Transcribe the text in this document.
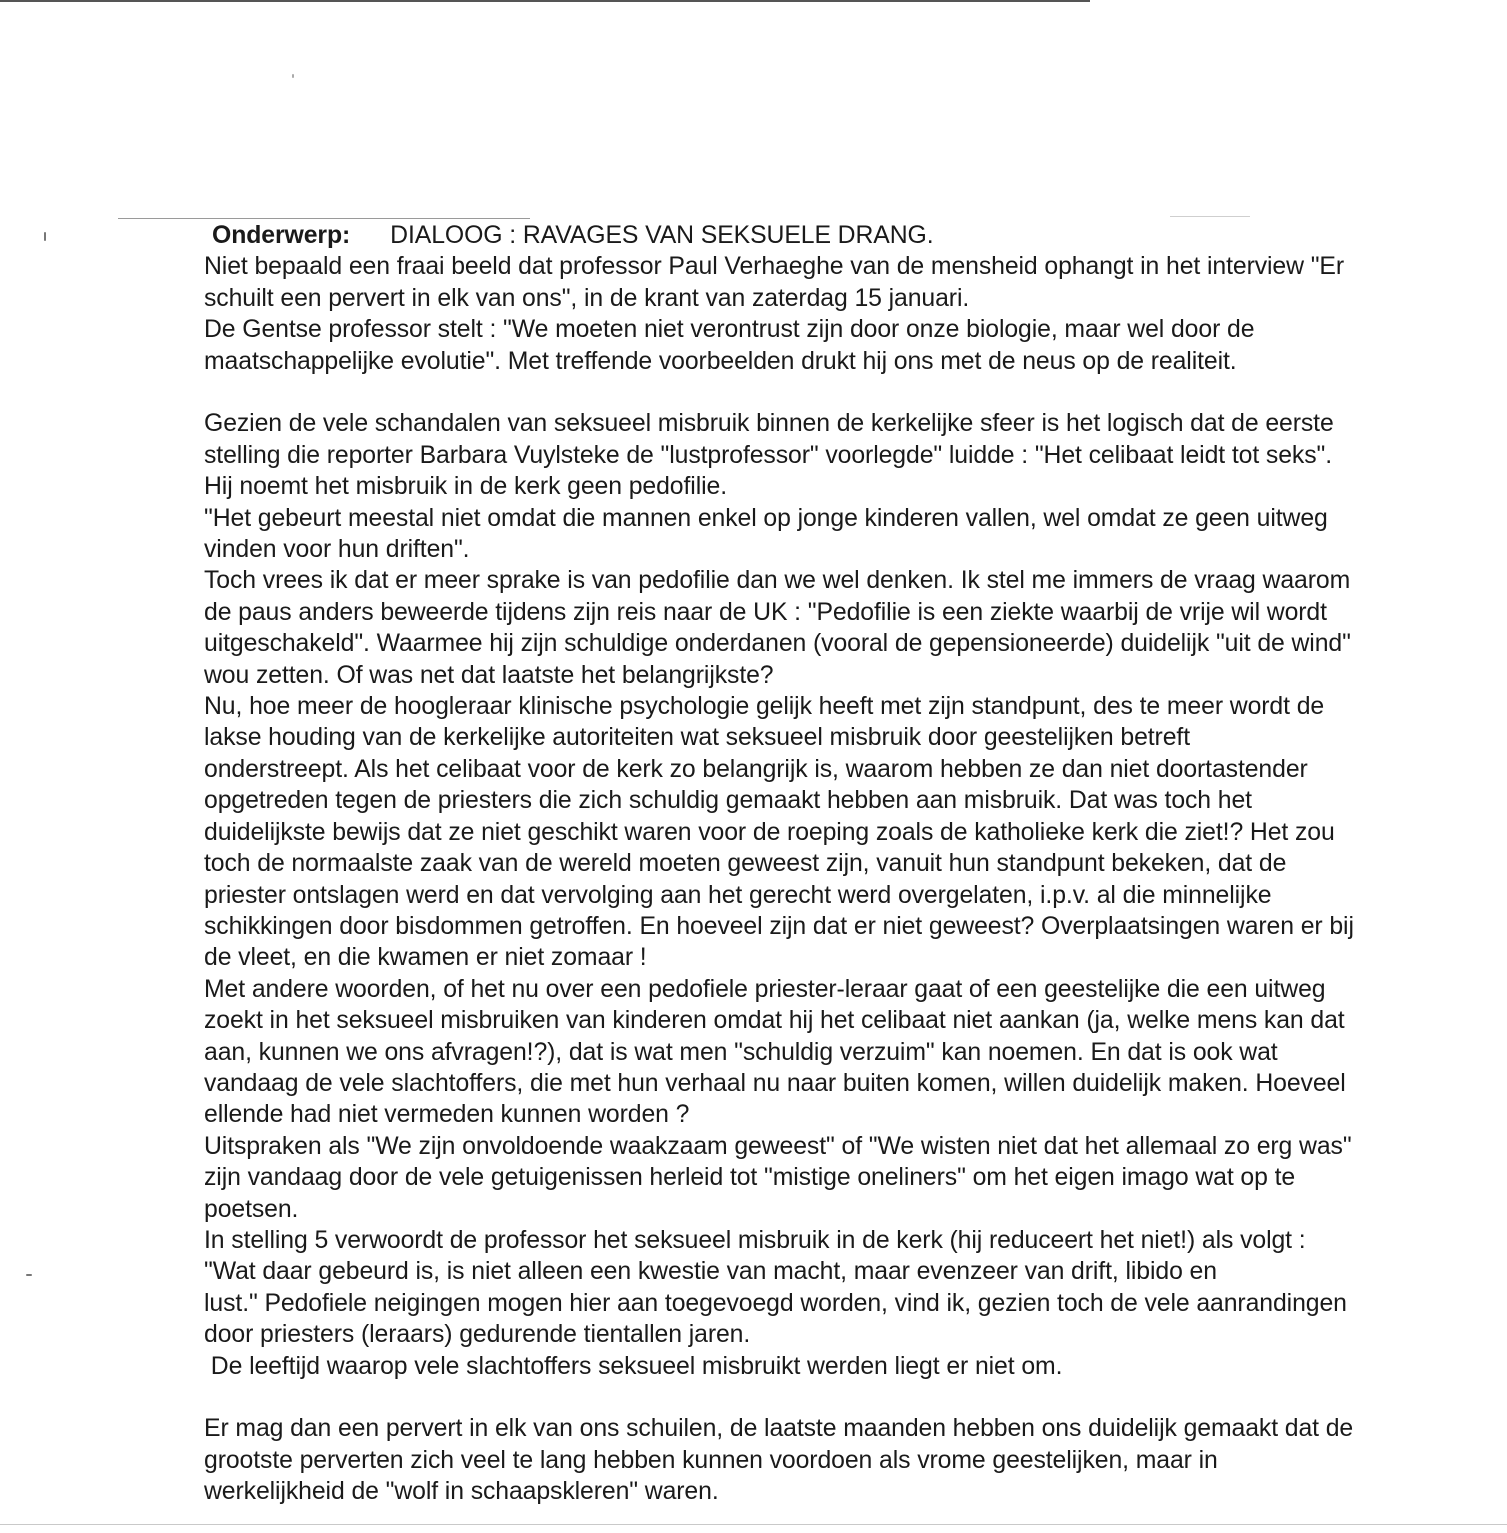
Onderwerp: DIALOOG : RAVAGES VAN SEKSUELE DRANG.

Niet bepaald een fraai beeld dat professor Paul Verhaeghe van de mensheid ophangt in het interview "Er
schuilt een pervert in elk van ons", in de krant van zaterdag 15 januari.
De Gentse professor stelt : "We moeten niet verontrust zijn door onze biologie, maar wel door de
maatschappelijke evolutie". Met treffende voorbeelden drukt hij ons met de neus op de realiteit.
Gezien de vele schandalen van seksueel misbruik binnen de kerkelijke sfeer is het logisch dat de eerste
stelling die reporter Barbara Vuylsteke de "lustprofessor" voorlegde" luidde : "Het celibaat leidt tot seks".
Hij noemt het misbruik in de kerk geen pedofilie.
"Het gebeurt meestal niet omdat die mannen enkel op jonge kinderen vallen, wel omdat ze geen uitweg
vinden voor hun driften".
Toch vrees ik dat er meer sprake is van pedofilie dan we wel denken. Ik stel me immers de vraag waarom
de paus anders beweerde tijdens zijn reis naar de UK : "Pedofilie is een ziekte waarbij de vrije wil wordt
uitgeschakeld". Waarmee hij zijn schuldige onderdanen (vooral de gepensioneerde) duidelijk "uit de wind"
wou zetten. Of was net dat laatste het belangrijkste?
Nu, hoe meer de hoogleraar klinische psychologie gelijk heeft met zijn standpunt, des te meer wordt de
lakse houding van de kerkelijke autoriteiten wat seksueel misbruik door geestelijken betreft
onderstreept. Als het celibaat voor de kerk zo belangrijk is, waarom hebben ze dan niet doortastender
opgetreden tegen de priesters die zich schuldig gemaakt hebben aan misbruik. Dat was toch het
duidelijkste bewijs dat ze niet geschikt waren voor de roeping zoals de katholieke kerk die ziet!? Het zou
toch de normaalste zaak van de wereld moeten geweest zijn, vanuit hun standpunt bekeken, dat de
priester ontslagen werd en dat vervolging aan het gerecht werd overgelaten, i.p.v. al die minnelijke
schikkingen door bisdommen getroffen. En hoeveel zijn dat er niet geweest? Overplaatsingen waren er bij
de vleet, en die kwamen er niet zomaar !
Met andere woorden, of het nu over een pedofiele priester-leraar gaat of een geestelijke die een uitweg
zoekt in het seksueel misbruiken van kinderen omdat hij het celibaat niet aankan (ja, welke mens kan dat
aan, kunnen we ons afvragen!?), dat is wat men "schuldig verzuim" kan noemen. En dat is ook wat
vandaag de vele slachtoffers, die met hun verhaal nu naar buiten komen, willen duidelijk maken. Hoeveel
ellende had niet vermeden kunnen worden ?
Uitspraken als "We zijn onvoldoende waakzaam geweest" of "We wisten niet dat het allemaal zo erg was"
zijn vandaag door de vele getuigenissen herleid tot "mistige oneliners" om het eigen imago wat op te
poetsen.
In stelling 5 verwoordt de professor het seksueel misbruik in de kerk (hij reduceert het niet!) als volgt :
"Wat daar gebeurd is, is niet alleen een kwestie van macht, maar evenzeer van drift, libido en
lust." Pedofiele neigingen mogen hier aan toegevoegd worden, vind ik, gezien toch de vele aanrandingen
door priesters (leraars) gedurende tientallen jaren.
De leeftijd waarop vele slachtoffers seksueel misbruikt werden liegt er niet om.
Er mag dan een pervert in elk van ons schuilen, de laatste maanden hebben ons duidelijk gemaakt dat de
grootste perverten zich veel te lang hebben kunnen voordoen als vrome geestelijken, maar in
werkelijkheid de "wolf in schaapskleren" waren.
